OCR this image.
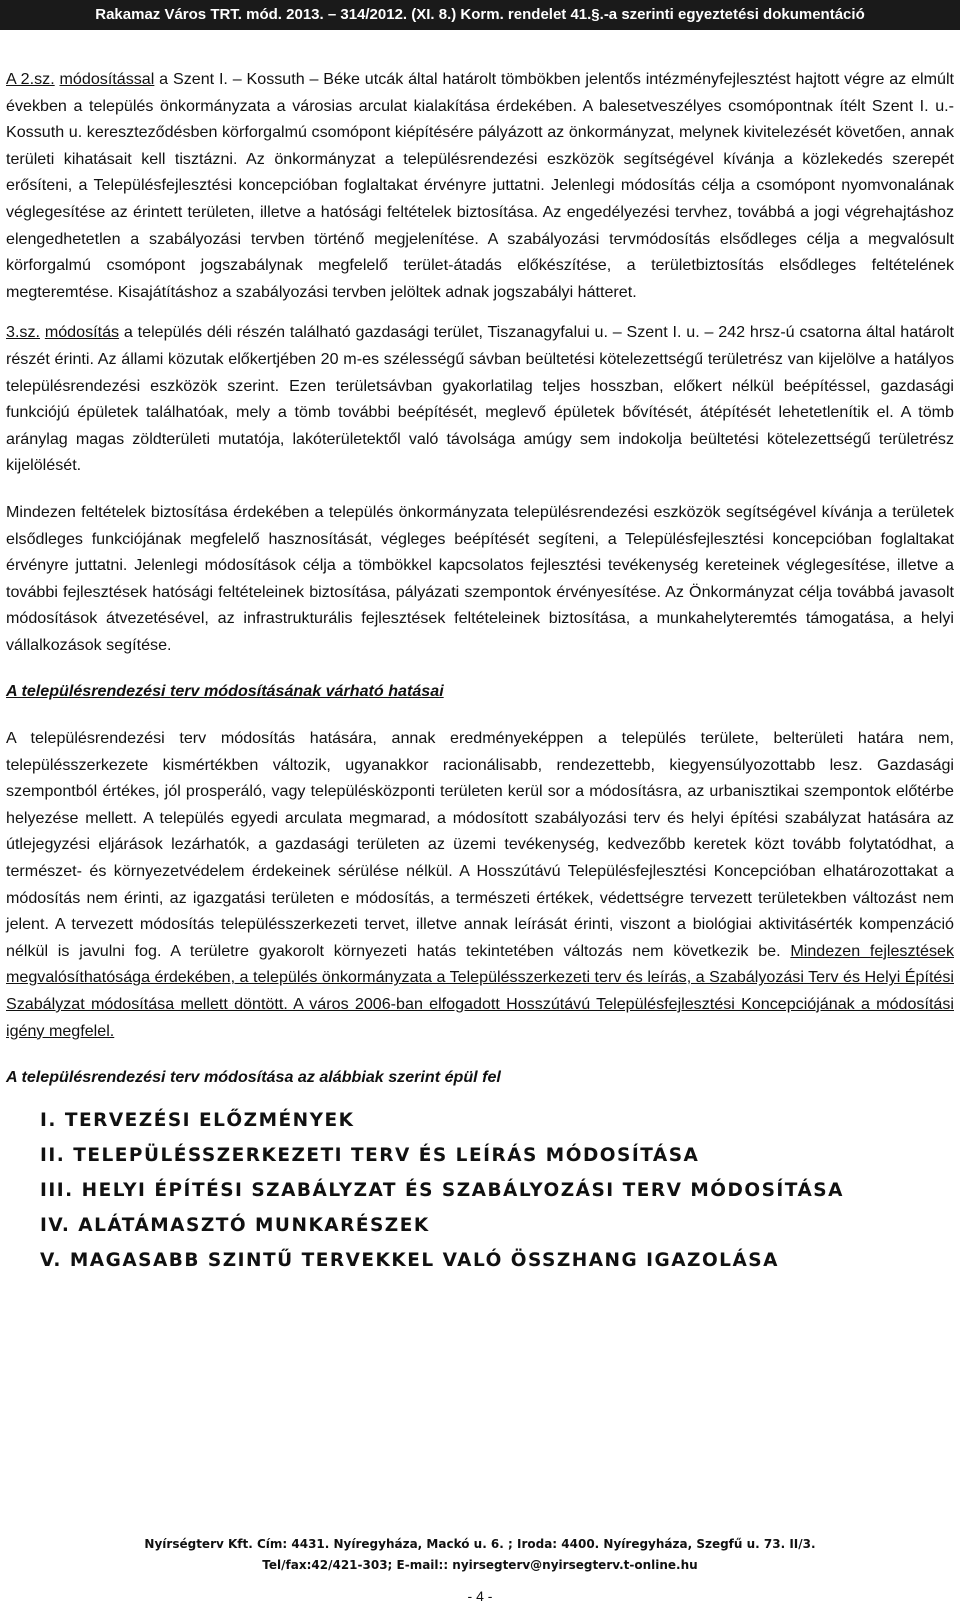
Rakamaz Város TRT. mód. 2013. – 314/2012. (XI. 8.) Korm. rendelet 41.§.-a szerinti egyeztetési dokumentáció

A 2.sz. módosítással a Szent I. – Kossuth – Béke utcák által határolt tömbökben jelentős intézményfejlesztést hajtott végre az elmúlt években a település önkormányzata a városias arculat kialakítása érdekében. A balesetveszélyes csomópontnak ítélt Szent I. u.-Kossuth u. kereszteződésben körforgalmú csomópont kiépítésére pályázott az önkormányzat, melynek kivitelezését követően, annak területi kihatásait kell tisztázni. Az önkormányzat a településrendezési eszközök segítségével kívánja a közlekedés szerepét erősíteni, a Településfejlesztési koncepcióban foglaltakat érvényre juttatni. Jelenlegi módosítás célja a csomópont nyomvonalának véglegesítése az érintett területen, illetve a hatósági feltételek biztosítása. Az engedélyezési tervhez, továbbá a jogi végrehajtáshoz elengedhetetlen a szabályozási tervben történő megjelenítése. A szabályozási tervmódosítás elsődleges célja a megvalósult körforgalmú csomópont jogszabálynak megfelelő terület-átadás előkészítése, a területbiztosítás elsődleges feltételének megteremtése. Kisajátításhoz a szabályozási tervben jelöltek adnak jogszabályi hátteret.

3.sz. módosítás a település déli részén található gazdasági terület, Tiszanagyfalui u. – Szent I. u. – 242 hrsz-ú csatorna által határolt részét érinti. Az állami közutak előkertjében 20 m-es szélességű sávban beültetési kötelezettségű területrész van kijelölve a hatályos településrendezési eszközök szerint. Ezen területsávban gyakorlatilag teljes hosszban, előkert nélkül beépítéssel, gazdasági funkciójú épületek találhatóak, mely a tömb további beépítését, meglevő épületek bővítését, átépítését lehetetlenítik el. A tömb aránylag magas zöldterületi mutatója, lakóterületektől való távolsága amúgy sem indokolja beültetési kötelezettségű területrész kijelölését.

Mindezen feltételek biztosítása érdekében a település önkormányzata településrendezési eszközök segítségével kívánja a területek elsődleges funkciójának megfelelő hasznosítását, végleges beépítését segíteni, a Településfejlesztési koncepcióban foglaltakat érvényre juttatni. Jelenlegi módosítások célja a tömbökkel kapcsolatos fejlesztési tevékenység kereteinek véglegesítése, illetve a további fejlesztések hatósági feltételeinek biztosítása, pályázati szempontok érvényesítése. Az Önkormányzat célja továbbá javasolt módosítások átvezetésével, az infrastrukturális fejlesztések feltételeinek biztosítása, a munkahelyteremtés támogatása, a helyi vállalkozások segítése.

A településrendezési terv módosításának várható hatásai

A településrendezési terv módosítás hatására, annak eredményeképpen a település területe, belterületi határa nem, településszerkezete kismértékben változik, ugyanakkor racionálisabb, rendezettebb, kiegyensúlyozottabb lesz. Gazdasági szempontból értékes, jól prosperáló, vagy településközponti területen kerül sor a módosításra, az urbanisztikai szempontok előtérbe helyezése mellett. A település egyedi arculata megmarad, a módosított szabályozási terv és helyi építési szabályzat hatására az útlejegyzési eljárások lezárhatók, a gazdasági területen az üzemi tevékenység, kedvezőbb keretek közt tovább folytatódhat, a természet- és környezetvédelem érdekeinek sérülése nélkül. A Hosszútávú Településfejlesztési Koncepcióban elhatározottakat a módosítás nem érinti, az igazgatási területen e módosítás, a természeti értékek, védettségre tervezett területekben változást nem jelent. A tervezett módosítás településszerkezeti tervet, illetve annak leírását érinti, viszont a biológiai aktivitásérték kompenzáció nélkül is javulni fog. A területre gyakorolt környezeti hatás tekintetében változás nem következik be. Mindezen fejlesztések megvalósíthatósága érdekében, a település önkormányzata a Településszerkezeti terv és leírás, a Szabályozási Terv és Helyi Építési Szabályzat módosítása mellett döntött. A város 2006-ban elfogadott Hosszútávú Településfejlesztési Koncepciójának a módosítási igény megfelel.

A településrendezési terv módosítása az alábbiak szerint épül fel

I. TERVEZÉSI ELŐZMÉNYEK
II. TELEPÜLÉSSZERKEZETI TERV ÉS LEÍRÁS MÓDOSÍTÁSA
III. HELYI ÉPÍTÉSI SZABÁLYZAT ÉS SZABÁLYOZÁSI TERV MÓDOSÍTÁSA
IV. ALÁTÁMASZTÓ MUNKARÉSZEK
V. MAGASABB SZINTŰ TERVEKKEL VALÓ ÖSSZHANG IGAZOLÁSA
Nyírségterv Kft. Cím: 4431. Nyíregyháza, Mackó u. 6. ; Iroda: 4400. Nyíregyháza, Szegfű u. 73. II/3.
Tel/fax:42/421-303; E-mail:: nyirsegterv@nyirsegterv.t-online.hu
- 4 -
